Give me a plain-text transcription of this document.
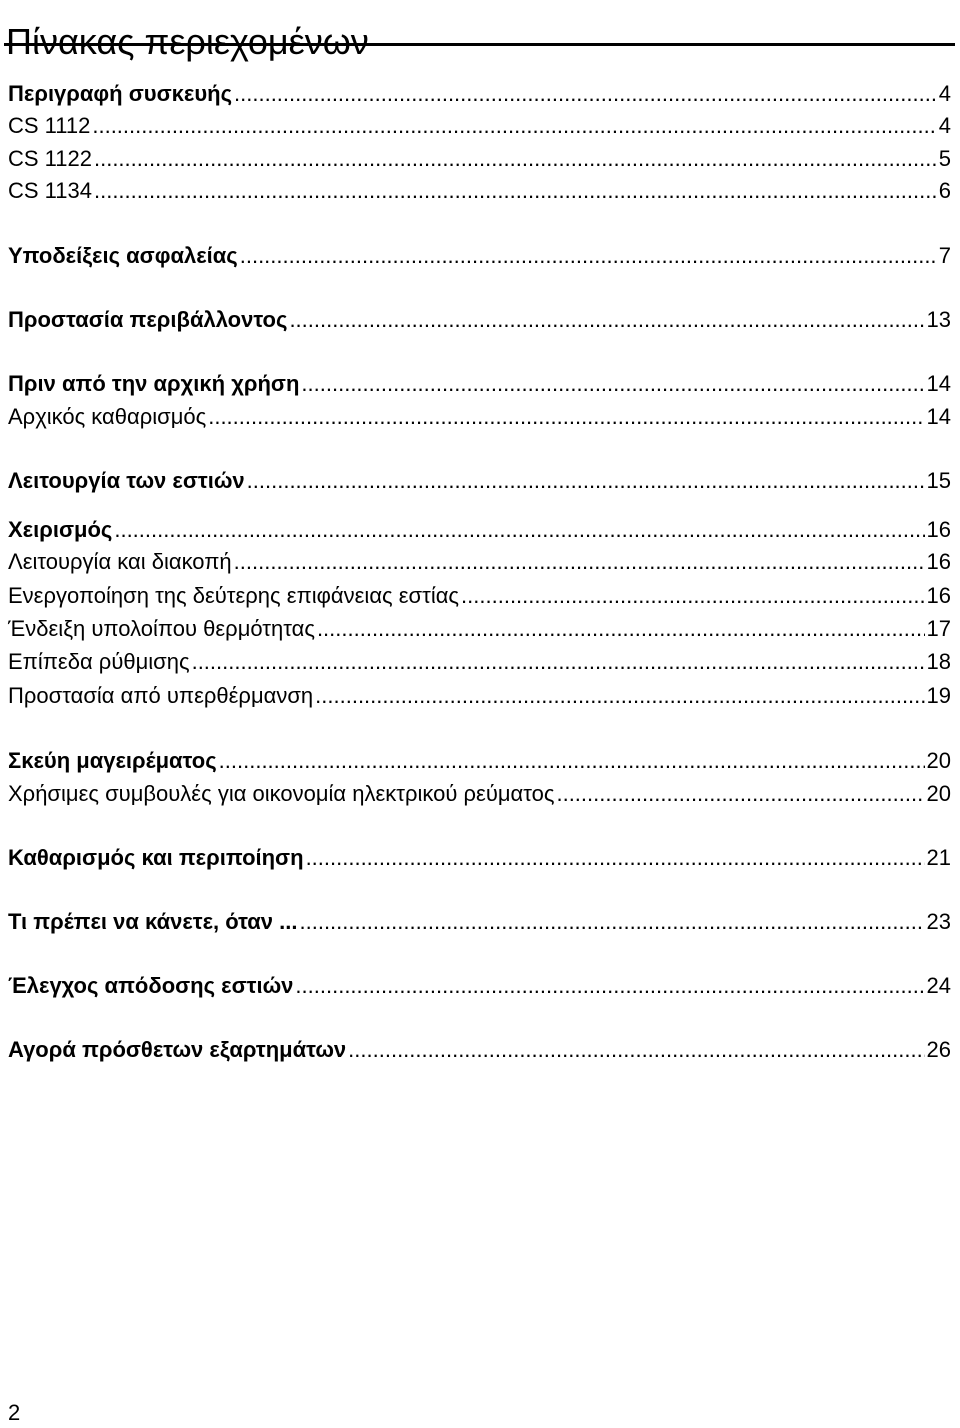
Πίνακας περιεχομένων
Περιγραφή συσκευής .....	4
CS 1112 .....	4
CS 1122 .....	5
CS 1134 .....	6
Υποδείξεις ασφαλείας .....	7
Προστασία περιβάλλοντος .....	13
Πριν από την αρχική χρήση .....	14
Αρχικός καθαρισμός .....	14
Λειτουργία των εστιών .....	15
Χειρισμός .....	16
Λειτουργία και διακοπή .....	16
Ενεργοποίηση της δεύτερης επιφάνειας εστίας .....	16
Ένδειξη υπολοίπου θερμότητας .....	17
Επίπεδα ρύθμισης .....	18
Προστασία από υπερθέρμανση .....	19
Σκεύη μαγειρέματος .....	20
Χρήσιμες συμβουλές για οικονομία ηλεκτρικού ρεύματος .....	20
Καθαρισμός και περιποίηση .....	21
Τι πρέπει να κάνετε, όταν ... .....	23
Έλεγχος απόδοσης εστιών .....	24
Αγορά πρόσθετων εξαρτημάτων .....	26
2
